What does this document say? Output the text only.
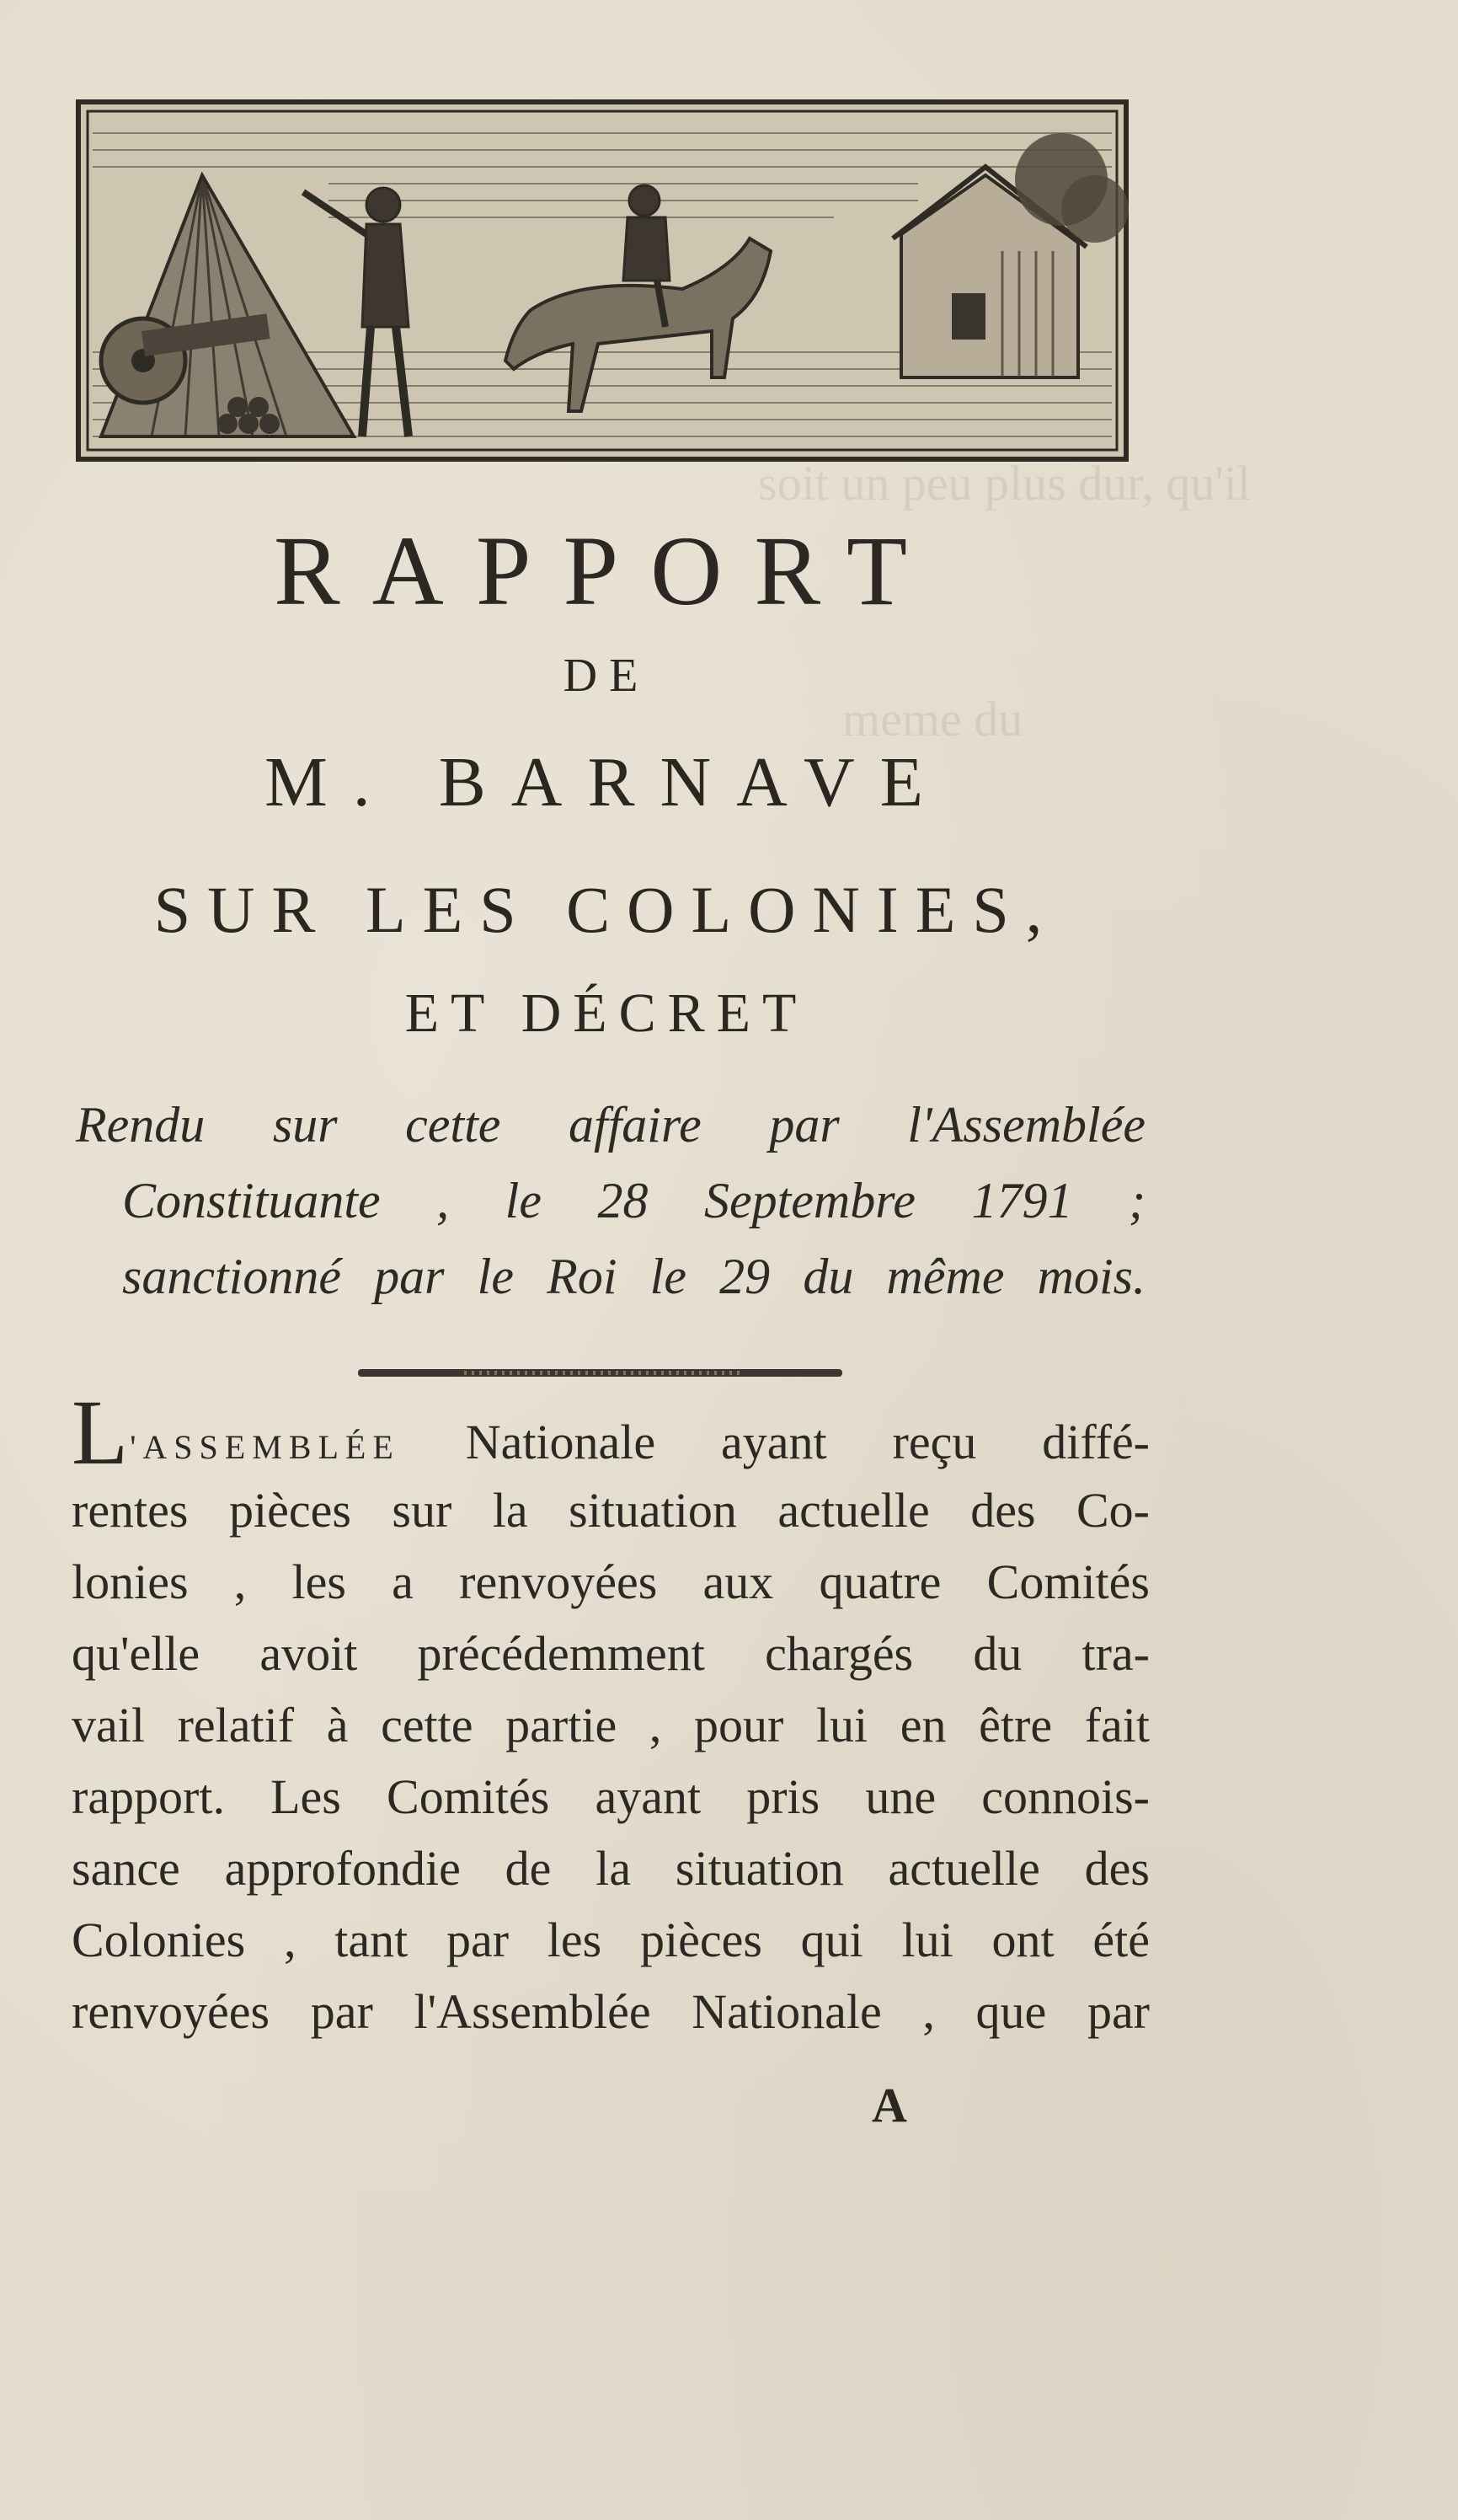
soit un peu plus dur, qu'il
meme du
RAPPORT
DE
M. BARNAVE
SUR LES COLONIES,
ET DÉCRET
Rendu sur cette affaire par l'Assemblée
Constituante , le 28 Septembre 1791 ;
sanctionné par le Roi le 29 du même mois.
L'ASSEMBLÉE Nationale ayant reçu diffé-
rentes pièces sur la situation actuelle des Co-
lonies , les a renvoyées aux quatre Comités
qu'elle avoit précédemment chargés du tra-
vail relatif à cette partie , pour lui en être fait
rapport. Les Comités ayant pris une connois-
sance approfondie de la situation actuelle des
Colonies , tant par les pièces qui lui ont été
renvoyées par l'Assemblée Nationale , que par
A
